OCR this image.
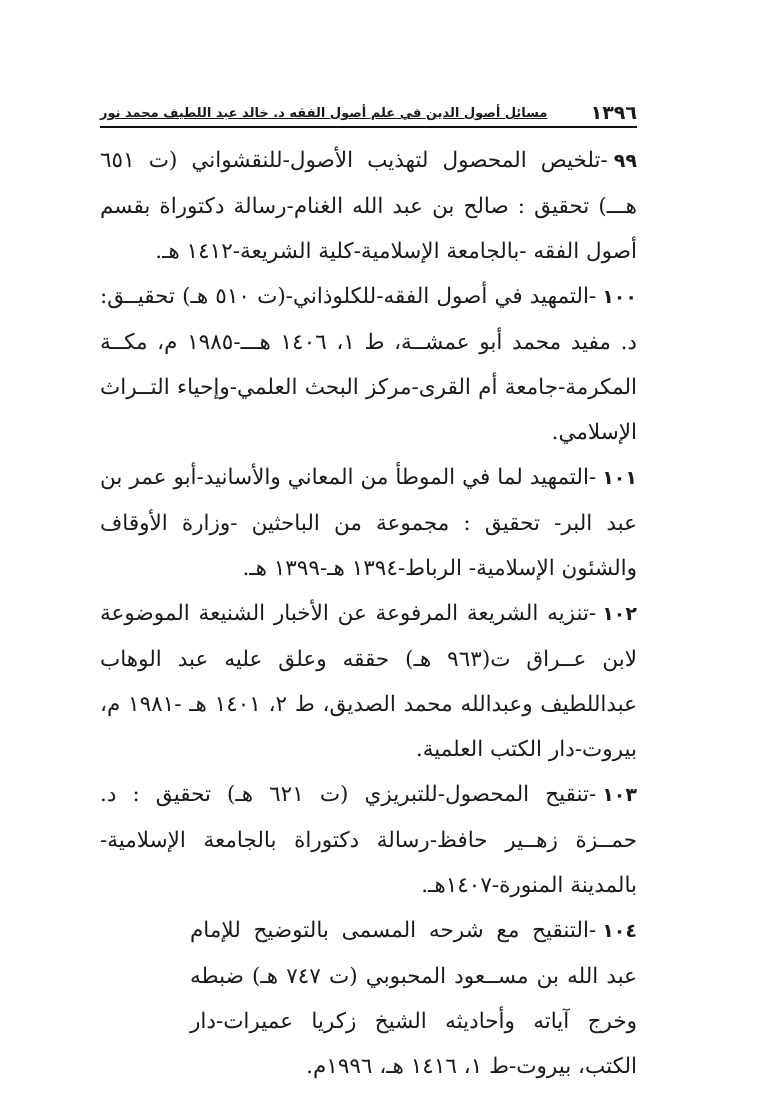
١٣٩٦
مسائل أصول الدين في علم أصول الفقه د. خالد عبد اللطيف محمد نور

٩٩-تلخيص المحصول لتهذيب الأصول-للنقشواني (ت ٦٥١ هـــ) تحقيق : صالح بن عبد الله الغنام-رسالة دكتوراة بقسم أصول الفقه -بالجامعة الإسلامية-كلية الشريعة-١٤١٢ هـ.

١٠٠-التمهيد في أصول الفقه-للكلوذاني-(ت ٥١٠ هـ) تحقيــق: د. مفيد محمد أبو عمشــة، ط ١، ١٤٠٦ هـــ-١٩٨٥ م، مكــة المكرمة-جامعة أم القرى-مركز البحث العلمي-وإحياء التــراث الإسلامي.

١٠١-التمهيد لما في الموطأ من المعاني والأسانيد-أبو عمر بن عبد البر- تحقيق : مجموعة من الباحثين -وزارة الأوقاف والشئون الإسلامية- الرباط-١٣٩٤ هـ-١٣٩٩ هـ.

١٠٢-تنزيه الشريعة المرفوعة عن الأخبار الشنيعة الموضوعة لابن عــراق ت(٩٦٣ هـ) حققه وعلق عليه عبد الوهاب عبداللطيف وعبدالله محمد الصديق، ط ٢، ١٤٠١ هـ -١٩٨١ م، بيروت-دار الكتب العلمية.

١٠٣-تنقيح المحصول-للتبريزي (ت ٦٢١ هـ) تحقيق : د. حمــزة زهــير حافظ-رسالة دكتوراة بالجامعة الإسلامية-بالمدينة المنورة-١٤٠٧هـ.

١٠٤-التنقيح مع شرحه المسمى بالتوضيح للإمام عبد الله بن مســعود المحبوبي (ت ٧٤٧ هـ) ضبطه وخرج آياته وأحاديثه الشيخ زكريا عميرات-دار الكتب، بيروت-ط ١، ١٤١٦ هـ، ١٩٩٦م.
